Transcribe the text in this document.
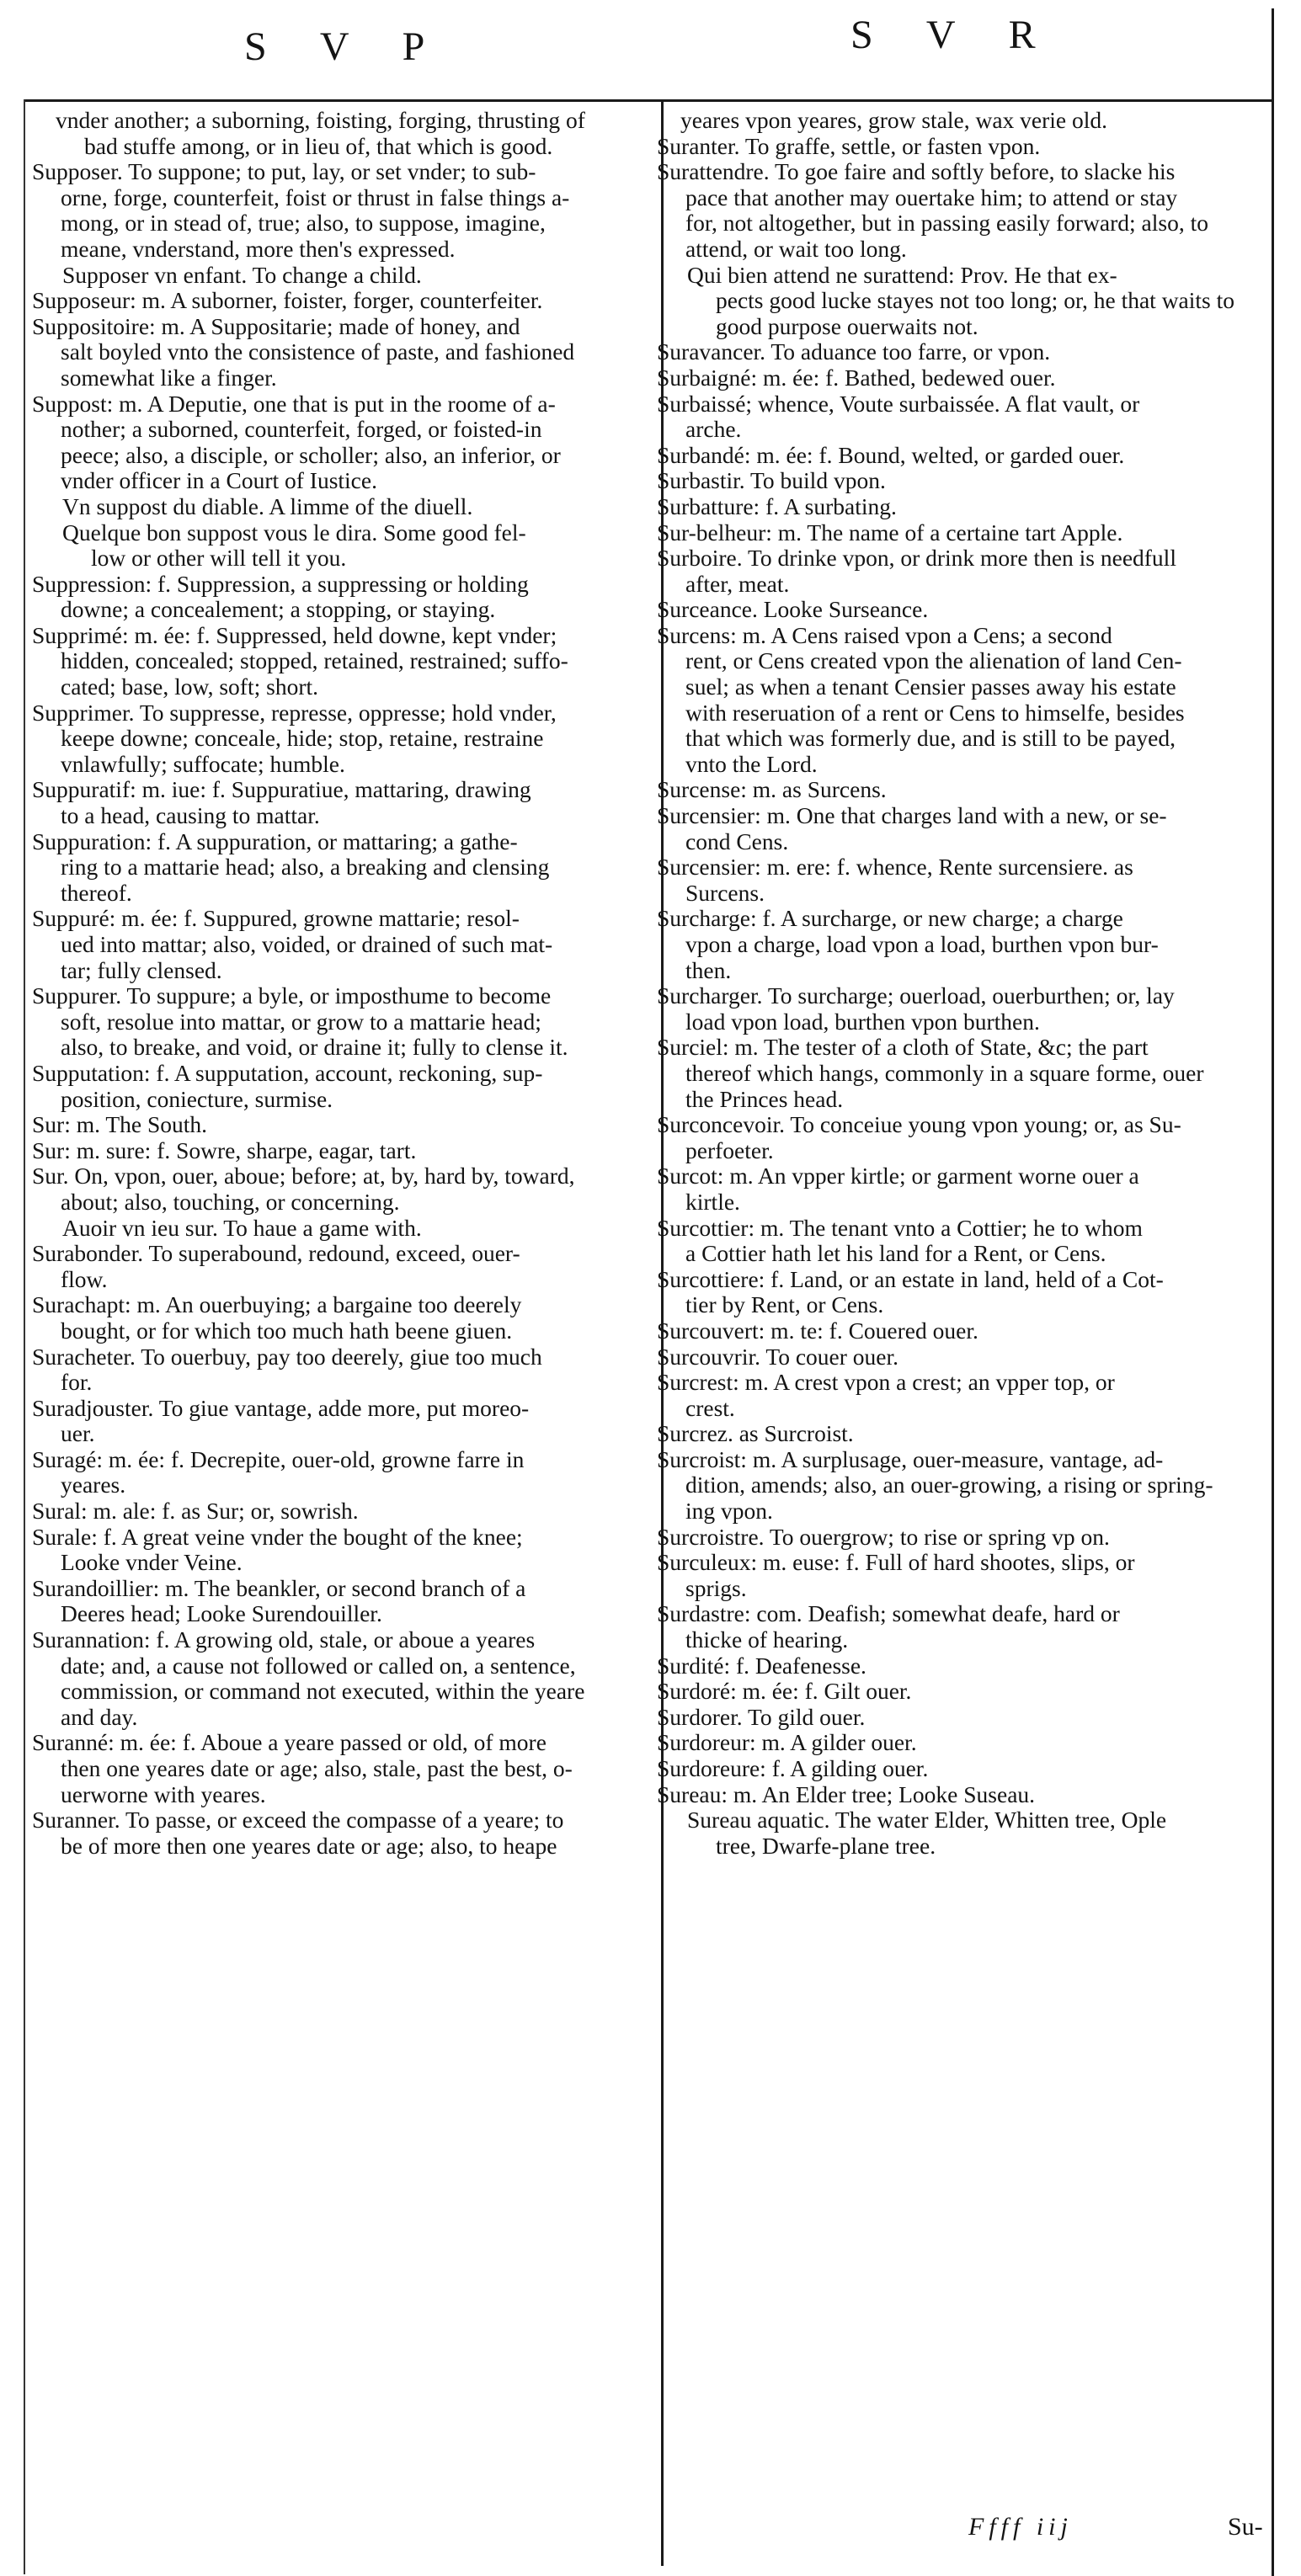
S V P	S V R

vnder another; a suborning, foisting, forging, thrusting of
bad stuffe among, or in lieu of, that which is good.

Supposer. To suppone; to put, lay, or set vnder; to sub-
orne, forge, counterfeit, foist or thrust in false things a-
mong, or in stead of, true; also, to suppose, imagine,
meane, vnderstand, more then's expressed.

Supposer vn enfant. To change a child.

Supposeur: m. A suborner, foister, forger, counterfeiter.

Suppositoire: m. A Suppositarie; made of honey, and
salt boyled vnto the consistence of paste, and fashioned
somewhat like a finger.

Suppost: m. A Deputie, one that is put in the roome of a-
nother; a suborned, counterfeit, forged, or foisted-in
peece; also, a disciple, or scholler; also, an inferior, or
vnder officer in a Court of Iustice.

Vn suppost du diable. A limme of the diuell.

Quelque bon suppost vous le dira. Some good fel-
low or other will tell it you.

Suppression: f. Suppression, a suppressing or holding
downe; a concealement; a stopping, or staying.

Supprimé: m. ée: f. Suppressed, held downe, kept vnder;
hidden, concealed; stopped, retained, restrained; suffo-
cated; base, low, soft; short.

Supprimer. To suppresse, represse, oppresse; hold vnder,
keepe downe; conceale, hide; stop, retaine, restraine
vnlawfully; suffocate; humble.

Suppuratif: m. iue: f. Suppuratiue, mattaring, drawing
to a head, causing to mattar.

Suppuration: f. A suppuration, or mattaring; a gathe-
ring to a mattarie head; also, a breaking and clensing
thereof.

Suppuré: m. ée: f. Suppured, growne mattarie; resol-
ued into mattar; also, voided, or drained of such mat-
tar; fully clensed.

Suppurer. To suppure; a byle, or imposthume to become
soft, resolue into mattar, or grow to a mattarie head;
also, to breake, and void, or draine it; fully to clense it.

Supputation: f. A supputation, account, reckoning, sup-
position, coniecture, surmise.

Sur: m. The South.

Sur: m. sure: f. Sowre, sharpe, eagar, tart.

Sur. On, vpon, ouer, aboue; before; at, by, hard by, toward,
about; also, touching, or concerning.

Auoir vn ieu sur. To haue a game with.

Surabonder. To superabound, redound, exceed, ouer-
flow.

Surachapt: m. An ouerbuying; a bargaine too deerely
bought, or for which too much hath beene giuen.

Suracheter. To ouerbuy, pay too deerely, giue too much
for.

Suradjouster. To giue vantage, adde more, put moreo-
uer.

Suragé: m. ée: f. Decrepite, ouer-old, growne farre in
yeares.

Sural: m. ale: f. as Sur; or, sowrish.

Surale: f. A great veine vnder the bought of the knee;
Looke vnder Veine.

Surandoillier: m. The beankler, or second branch of a
Deeres head; Looke Surendouiller.

Surannation: f. A growing old, stale, or aboue a yeares
date; and, a cause not followed or called on, a sentence,
commission, or command not executed, within the yeare
and day.

Suranné: m. ée: f. Aboue a yeare passed or old, of more
then one yeares date or age; also, stale, past the best, o-
uerworne with yeares.

Suranner. To passe, or exceed the compasse of a yeare; to
be of more then one yeares date or age; also, to heape

yeares vpon yeares, grow stale, wax verie old.

Suranter. To graffe, settle, or fasten vpon.

Surattendre. To goe faire and softly before, to slacke his
pace that another may ouertake him; to attend or stay
for, not altogether, but in passing easily forward; also, to
attend, or wait too long.

Qui bien attend ne surattend: Prov. He that ex-
pects good lucke stayes not too long; or, he that waits to
good purpose ouerwaits not.

Suravancer. To aduance too farre, or vpon.

Surbaigné: m. ée: f. Bathed, bedewed ouer.

Surbaissé; whence, Voute surbaissée. A flat vault, or
arche.

Surbandé: m. ée: f. Bound, welted, or garded ouer.

Surbastir. To build vpon.

Surbatture: f. A surbating.

Sur-belheur: m. The name of a certaine tart Apple.

Surboire. To drinke vpon, or drink more then is needfull
after, meat.

Surceance. Looke Surseance.

Surcens: m. A Cens raised vpon a Cens; a second
rent, or Cens created vpon the alienation of land Cen-
suel; as when a tenant Censier passes away his estate
with reseruation of a rent or Cens to himselfe, besides
that which was formerly due, and is still to be payed,
vnto the Lord.

Surcense: m. as Surcens.

Surcensier: m. One that charges land with a new, or se-
cond Cens.

Surcensier: m. ere: f. whence, Rente surcensiere. as
Surcens.

Surcharge: f. A surcharge, or new charge; a charge
vpon a charge, load vpon a load, burthen vpon bur-
then.

Surcharger. To surcharge; ouerload, ouerburthen; or, lay
load vpon load, burthen vpon burthen.

Surciel: m. The tester of a cloth of State, &c; the part
thereof which hangs, commonly in a square forme, ouer
the Princes head.

Surconcevoir. To conceiue young vpon young; or, as Su-
perfoeter.

Surcot: m. An vpper kirtle; or garment worne ouer a
kirtle.

Surcottier: m. The tenant vnto a Cottier; he to whom
a Cottier hath let his land for a Rent, or Cens.

Surcottiere: f. Land, or an estate in land, held of a Cot-
tier by Rent, or Cens.

Surcouvert: m. te: f. Couered ouer.

Surcouvrir. To couer ouer.

Surcrest: m. A crest vpon a crest; an vpper top, or
crest.

Surcrez. as Surcroist.

Surcroist: m. A surplusage, ouer-measure, vantage, ad-
dition, amends; also, an ouer-growing, a rising or spring-
ing vpon.

Surcroistre. To ouergrow; to rise or spring vp on.

Surculeux: m. euse: f. Full of hard shootes, slips, or
sprigs.

Surdastre: com. Deafish; somewhat deafe, hard or
thicke of hearing.

Surdité: f. Deafenesse.

Surdoré: m. ée: f. Gilt ouer.

Surdorer. To gild ouer.

Surdoreur: m. A gilder ouer.

Surdoreure: f. A gilding ouer.

Sureau: m. An Elder tree; Looke Suseau.

Sureau aquatic. The water Elder, Whitten tree, Ople
tree, Dwarfe-plane tree.

Ffff iij	Su-
